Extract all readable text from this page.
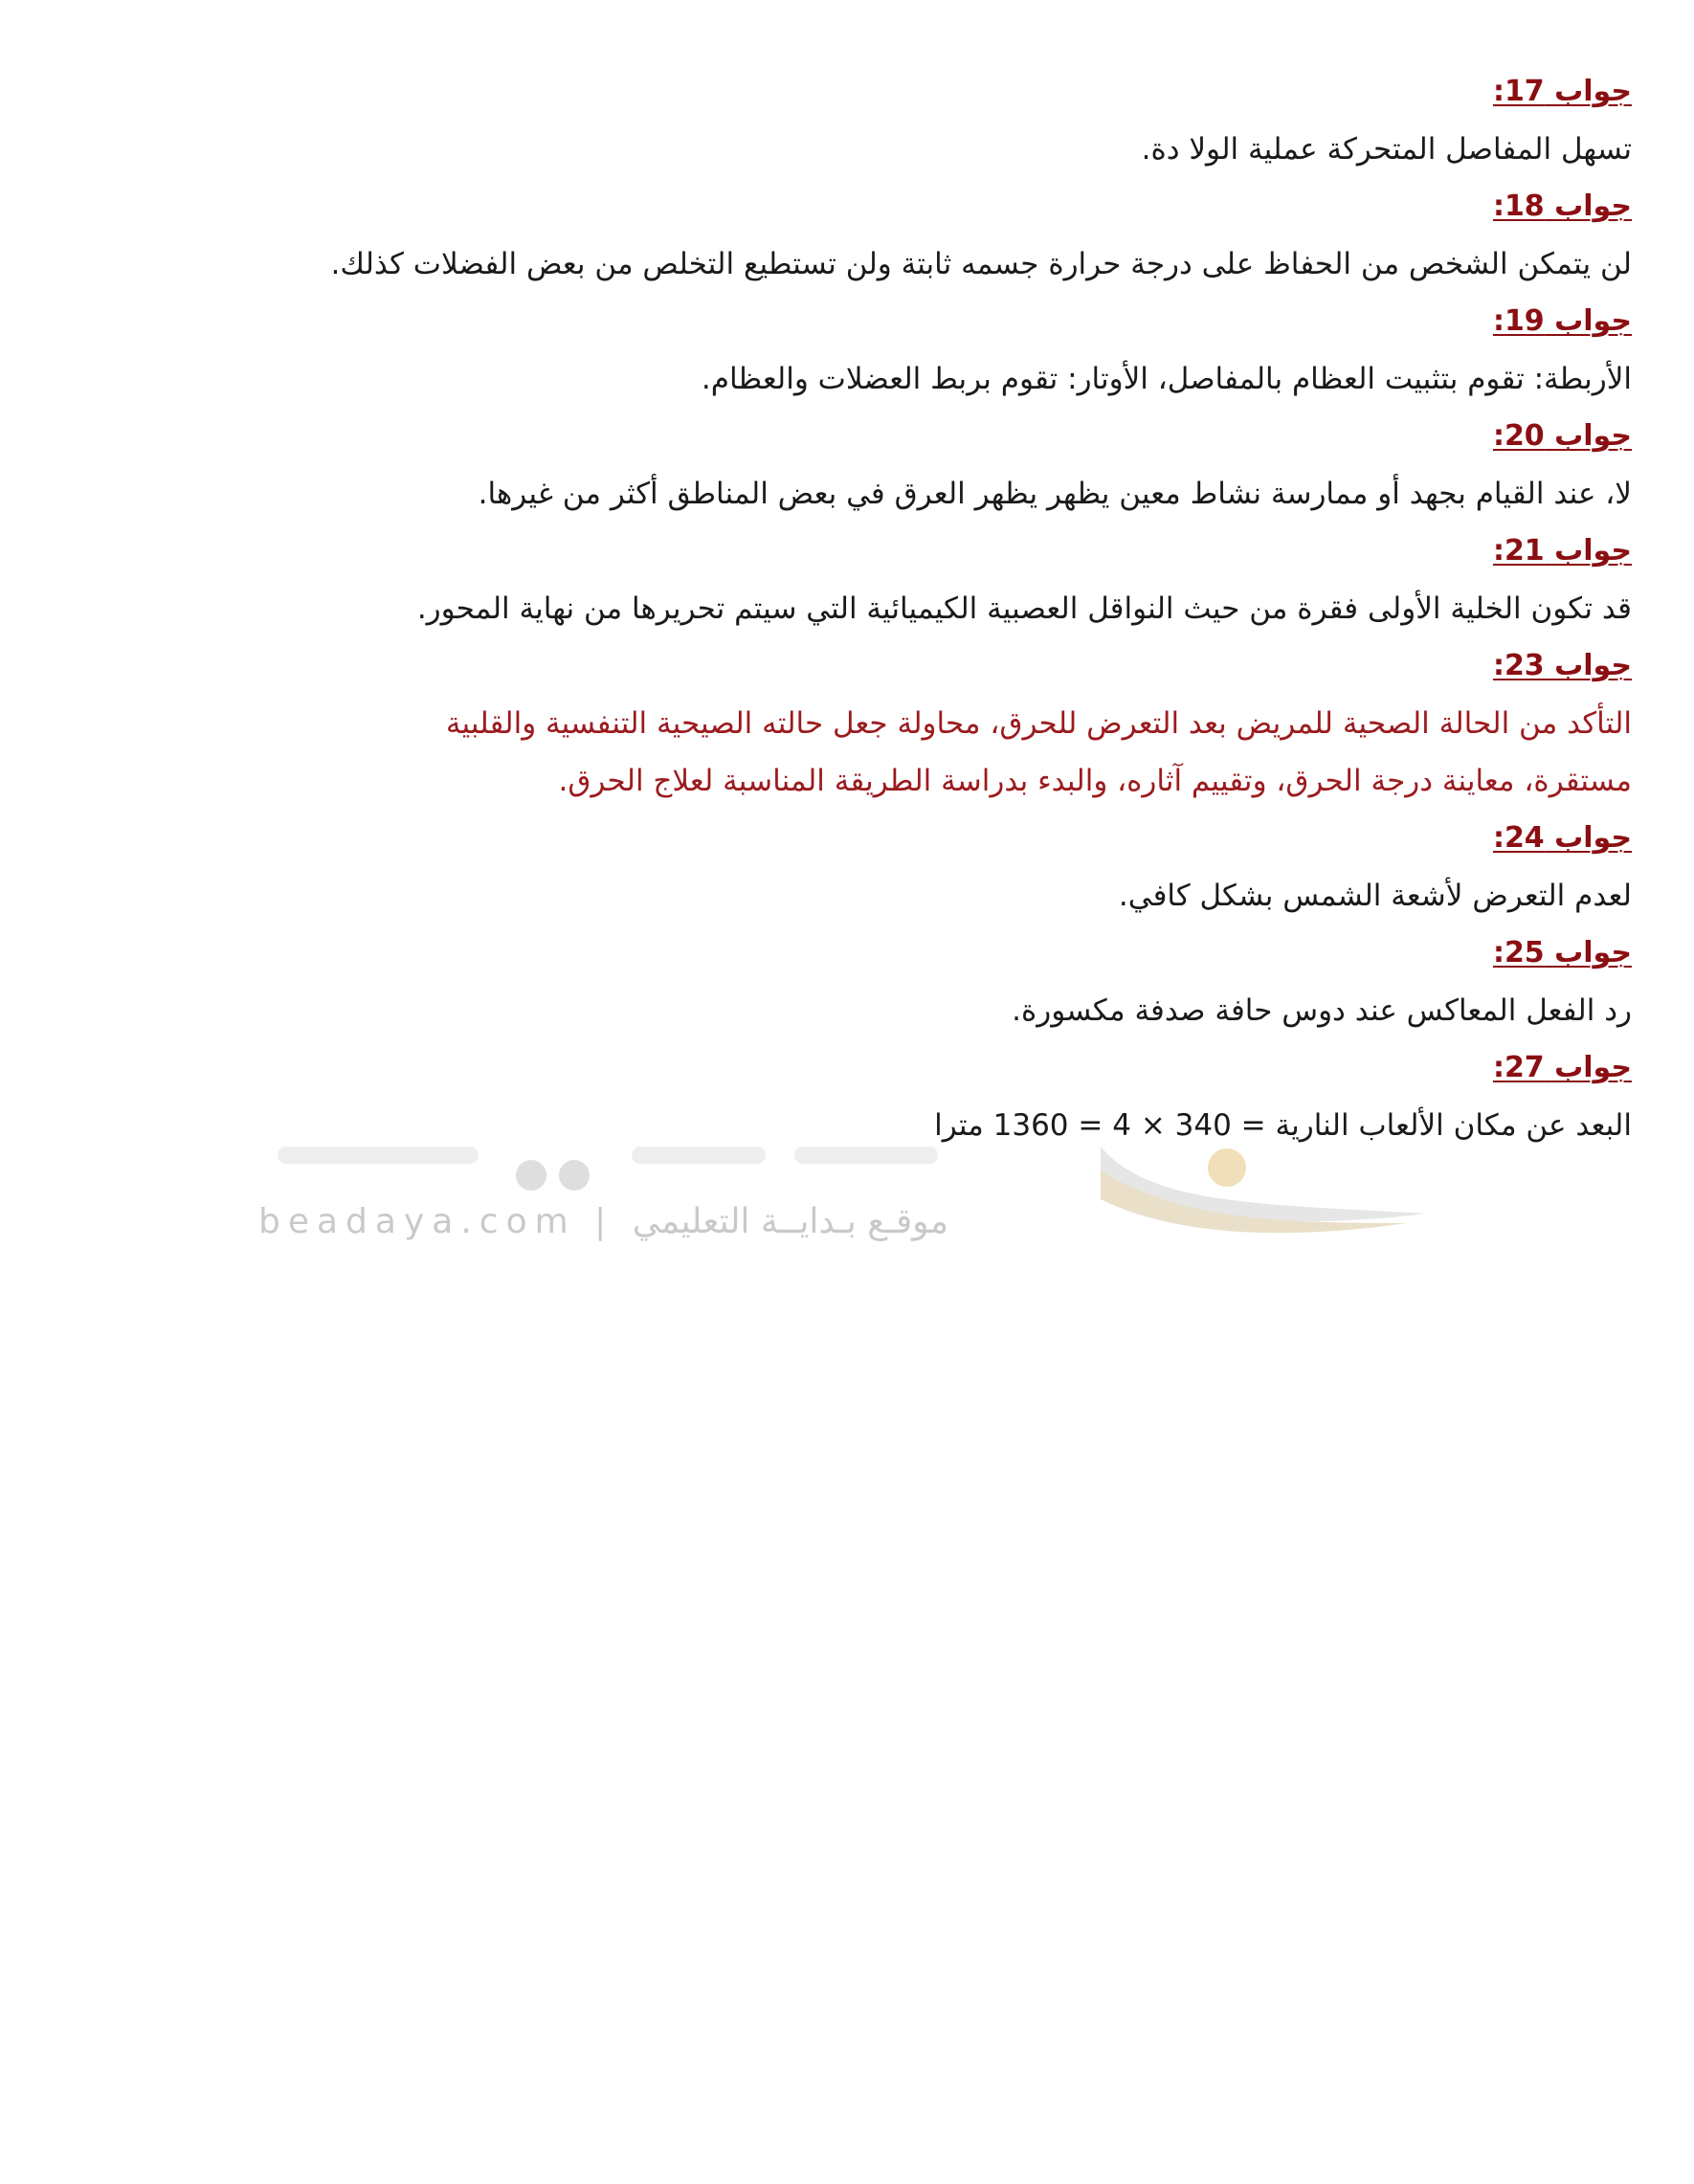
جواب 17:

تسهل المفاصل المتحركة عملية الولا دة.

جواب 18:

لن يتمكن الشخص من الحفاظ على درجة حرارة جسمه ثابتة ولن تستطيع التخلص من بعض الفضلات كذلك.

جواب 19:

الأربطة: تقوم بتثبيت العظام بالمفاصل، الأوتار: تقوم بربط العضلات والعظام.

جواب 20:

لا، عند القيام بجهد أو ممارسة نشاط معين يظهر يظهر العرق في بعض المناطق أكثر من غيرها.

جواب 21:

قد تكون الخلية الأولى فقرة من حيث النواقل العصبية الكيميائية التي سيتم تحريرها من نهاية المحور.

جواب 23:

التأكد من الحالة الصحية للمريض بعد التعرض للحرق، محاولة جعل حالته الصيحية التنفسية والقلبية

مستقرة، معاينة درجة الحرق، وتقييم آثاره، والبدء بدراسة الطريقة المناسبة لعلاج الحرق.

جواب 24:

لعدم التعرض لأشعة الشمس بشكل كافي.

جواب 25:

رد الفعل المعاكس عند دوس حافة صدفة مكسورة.

جواب 27:

البعد عن مكان الألعاب النارية = 340 × 4 = 1360 مترا

beadaya.com | موقـع بـدايــة التعليمي
